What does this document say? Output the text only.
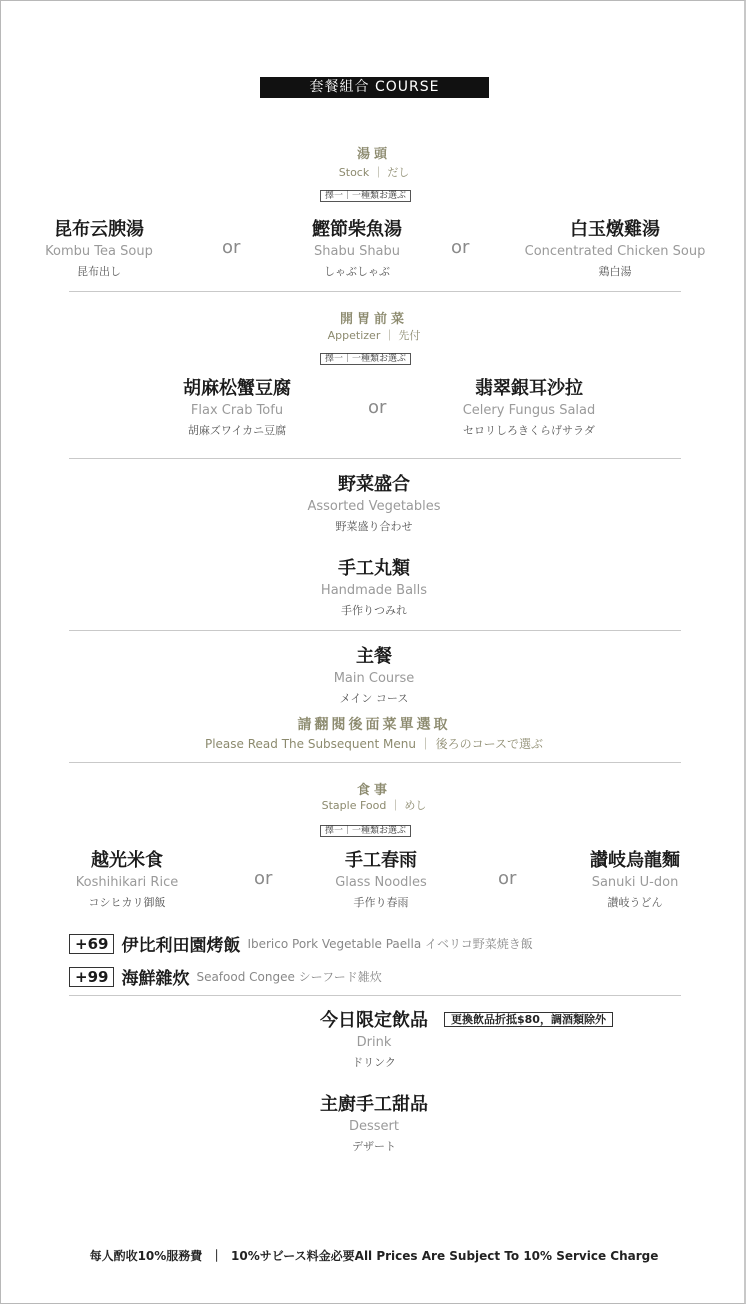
套餐組合 COURSE
湯頭
Stock ｜ だし
擇一｜一種類お選ぶ
昆布云腴湯
Kombu Tea Soup
昆布出し
or
鰹節柴魚湯
Shabu Shabu
しゃぶしゃぶ
or
白玉燉雞湯
Concentrated Chicken Soup
鶏白湯
開胃前菜
Appetizer ｜ 先付
擇一｜一種類お選ぶ
胡麻松蟹豆腐
Flax Crab Tofu
胡麻ズワイカニ豆腐
or
翡翠銀耳沙拉
Celery Fungus Salad
セロリしろきくらげサラダ
野菜盛合
Assorted Vegetables
野菜盛り合わせ
手工丸類
Handmade Balls
手作りつみれ
主餐
Main Course
メイン コース
請翻閱後面菜單選取
Please Read The Subsequent Menu ｜ 後ろのコースで選ぶ
食事
Staple Food ｜ めし
擇一｜一種類お選ぶ
越光米食
Koshihikari Rice
コシヒカリ御飯
or
手工春雨
Glass Noodles
手作り春雨
or
讃岐烏龍麵
Sanuki U-don
讃岐うどん
+69 伊比利田園烤飯 Iberico Pork Vegetable Paella イベリコ野菜焼き飯
+99 海鮮雜炊 Seafood Congee シーフード雑炊
今日限定飲品
Drink
ドリンク
更換飲品折抵$80，調酒類除外
主廚手工甜品
Dessert
デザート
每人酌收10%服務費  ｜  10%サビース料金必要All Prices Are Subject To 10% Service Charge
